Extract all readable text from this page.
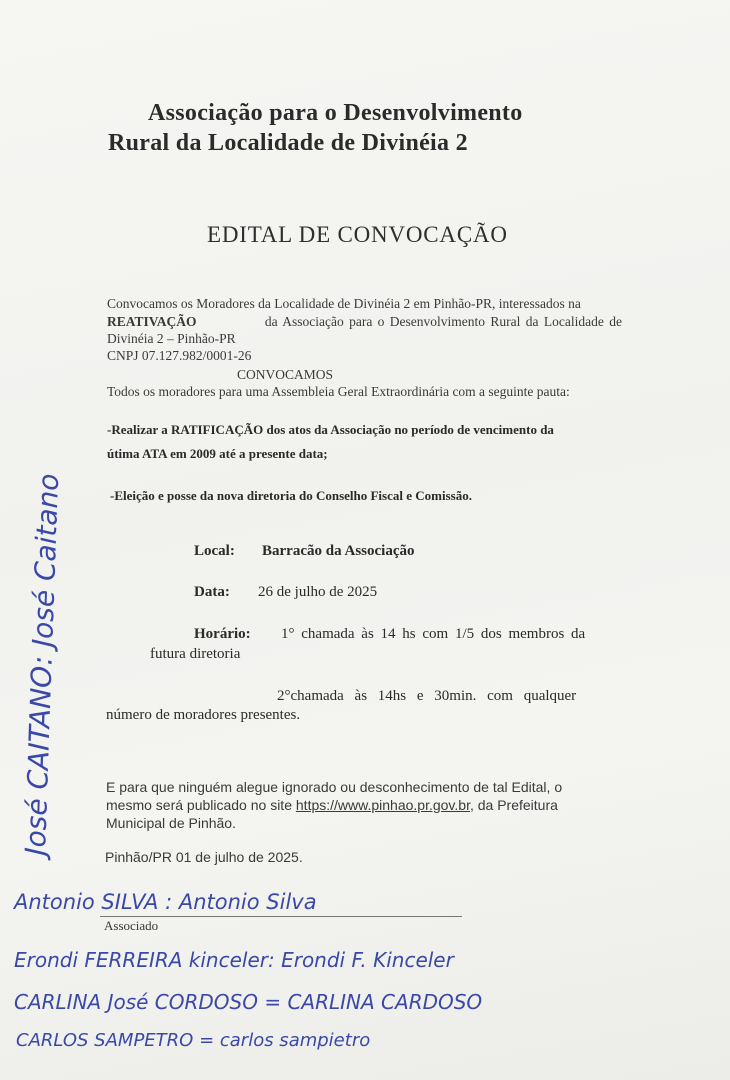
Associação para o Desenvolvimento
Rural da Localidade de Divinéia 2
EDITAL DE CONVOCAÇÃO
Convocamos os Moradores da Localidade de Divinéia 2 em Pinhão-PR, interessados na
REATIVAÇÃO	da Associação para o Desenvolvimento Rural da Localidade de
Divinéia 2 – Pinhão-PR
CNPJ 07.127.982/0001-26
CONVOCAMOS
Todos os moradores para uma Assembleia Geral Extraordinária com a seguinte pauta:
-Realizar a RATIFICAÇÃO dos atos da Associação no período de vencimento da
útima ATA em 2009 até a presente data;
-Eleição e posse da nova diretoria do Conselho Fiscal e Comissão.
Local: Barracão da Associação
Data: 26 de julho de 2025
Horário: 1° chamada às 14 hs com 1/5 dos membros da
futura diretoria
2°chamada às 14hs e 30min. com qualquer
número de moradores presentes.
E para que ninguém alegue ignorado ou desconhecimento de tal Edital, o
mesmo será publicado no site https://www.pinhao.pr.gov.br, da Prefeitura
Municipal de Pinhão.
Pinhão/PR 01 de julho de 2025.
Antonio SILVA : Antonio Silva
Associado
Erondi FERREIRA kinceler: Erondi F. Kinceler
CARLINA José CORDOSO = CARLINA CARDOSO
CARLOS SAMPETRO = carlos sampietro
José CAITANO: José Caitano
